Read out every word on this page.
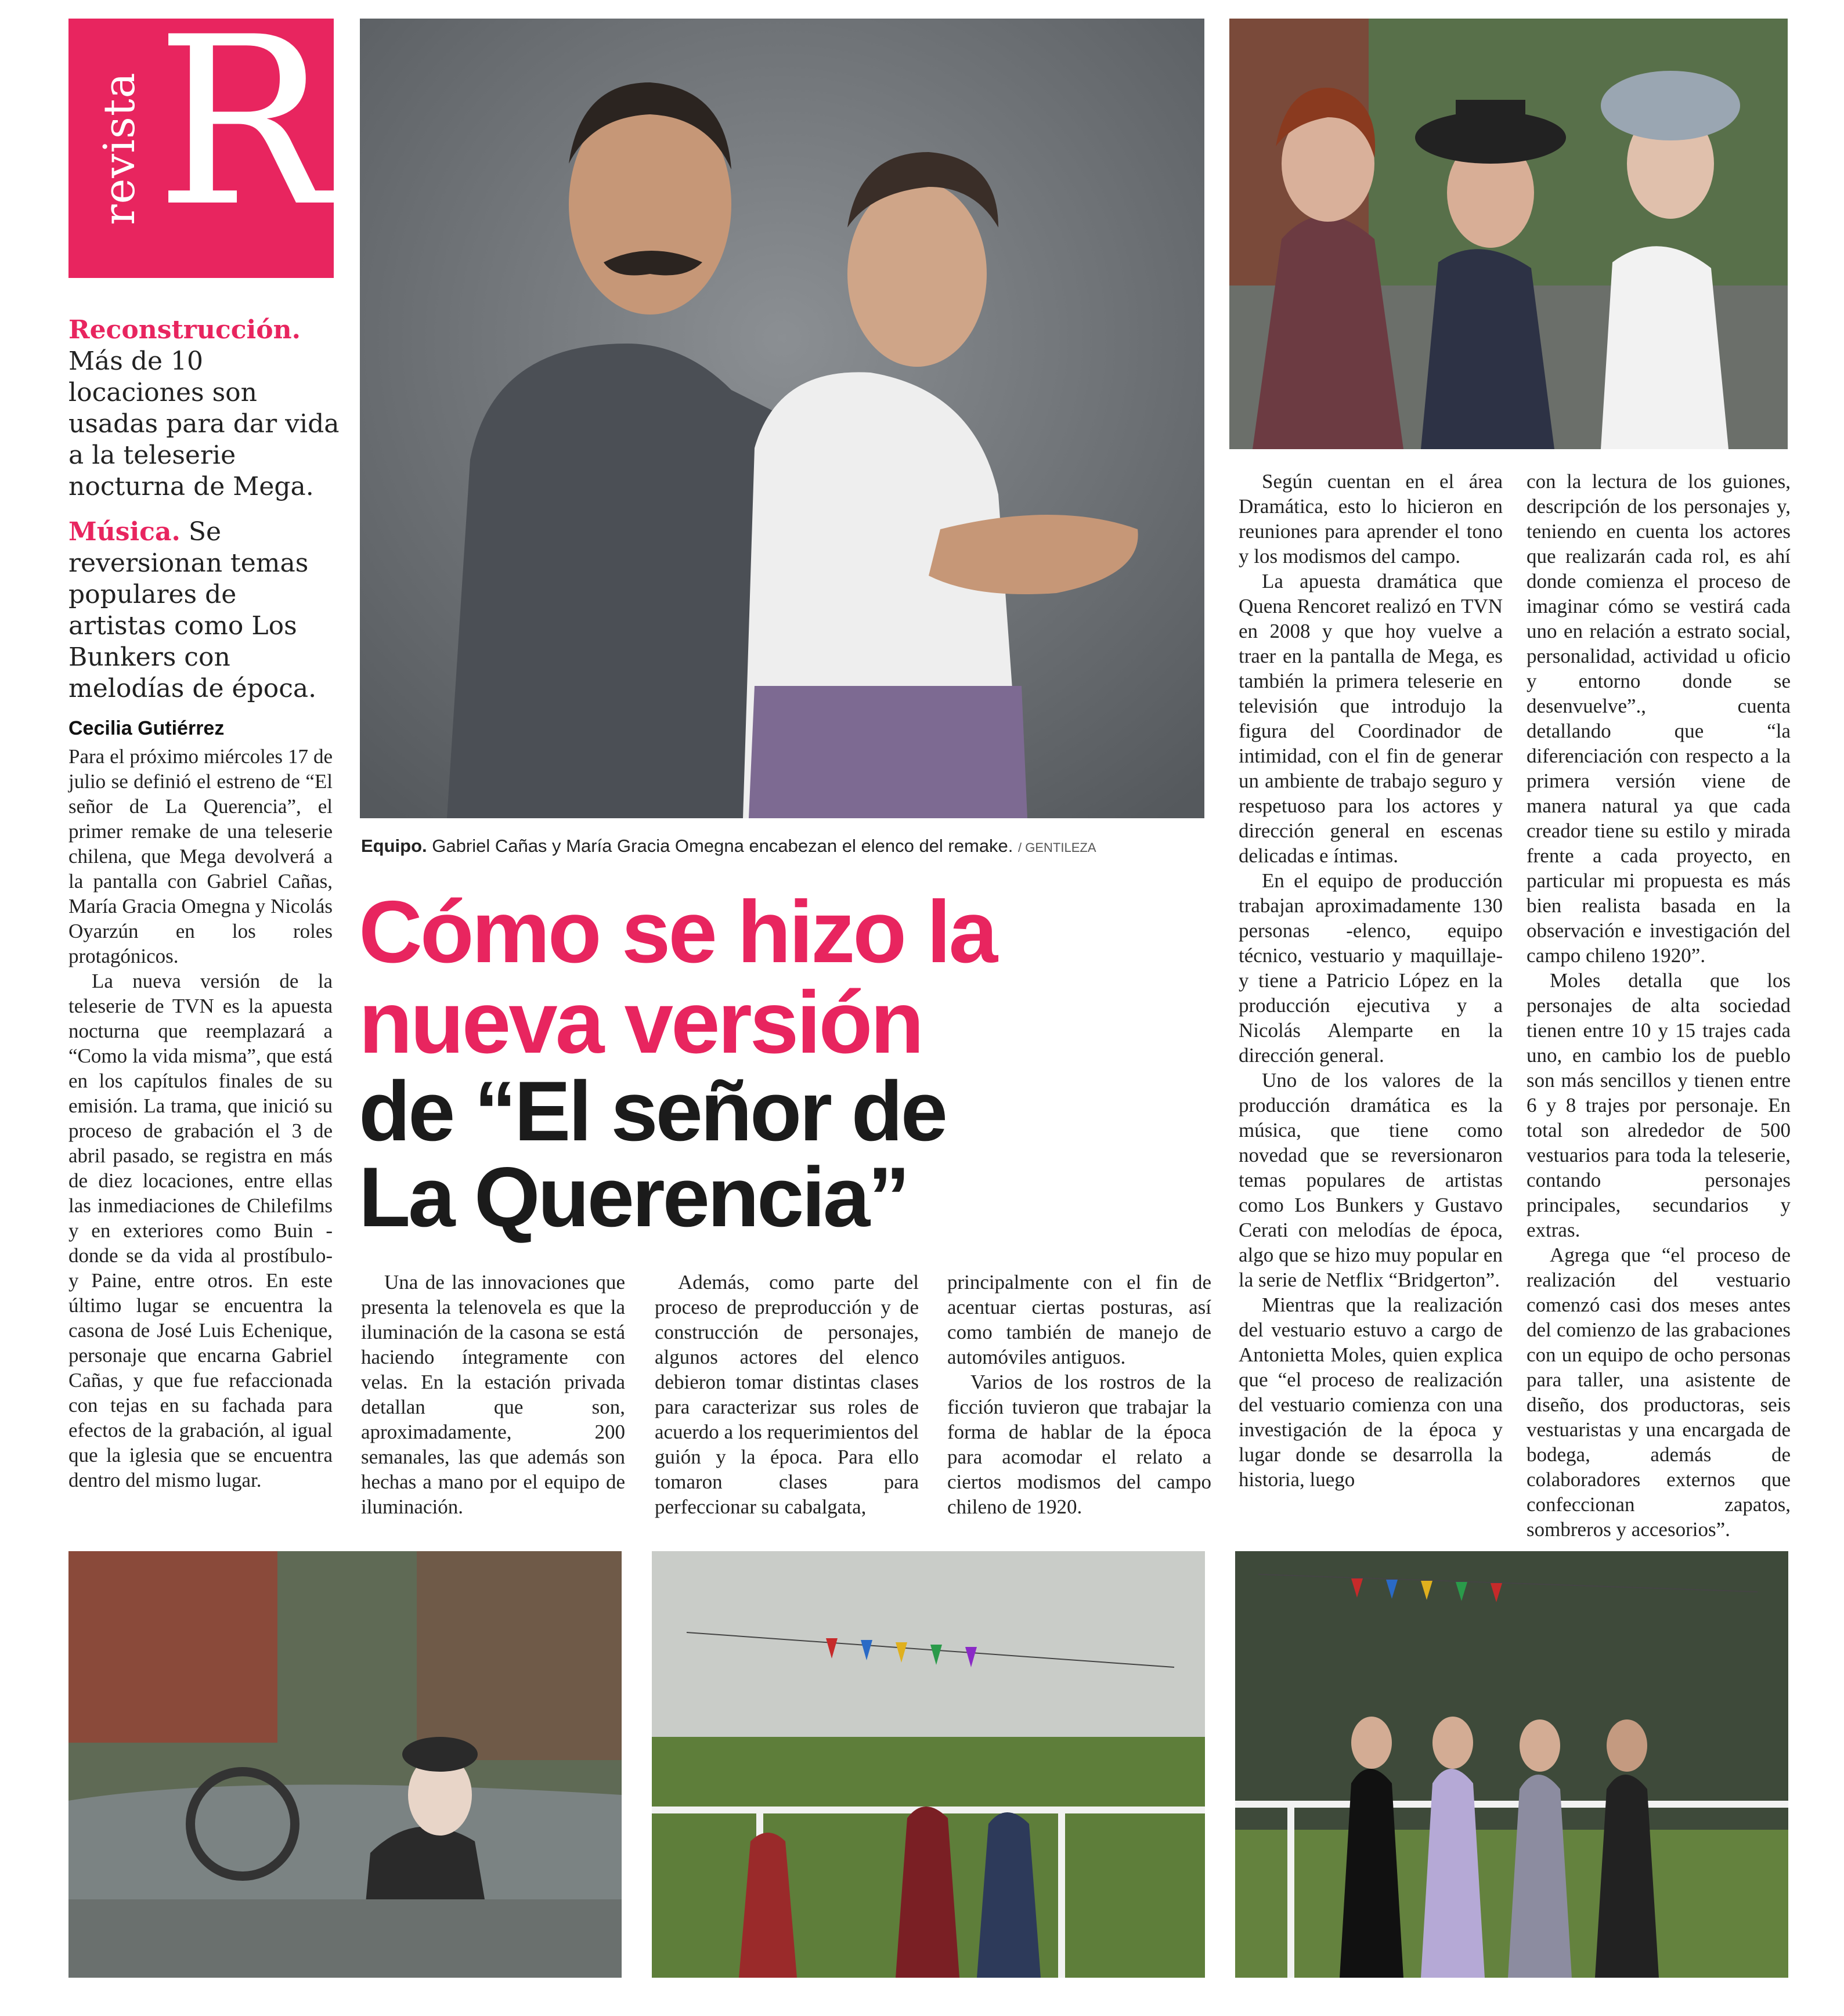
revista R
Reconstrucción. Más de 10 locaciones son usadas para dar vida a la teleserie nocturna de Mega.
Música. Se reversionan temas populares de artistas como Los Bunkers con melodías de época.
Cecilia Gutiérrez

Para el próximo miércoles 17 de julio se definió el estreno de “El señor de La Querencia”, el primer remake de una teleserie chilena, que Mega devolverá a la pantalla con Gabriel Cañas, María Gracia Omegna y Nicolás Oyarzún en los roles protagónicos.

La nueva versión de la teleserie de TVN es la apuesta nocturna que reemplazará a “Como la vida misma”, que está en los capítulos finales de su emisión. La trama, que inició su proceso de grabación el 3 de abril pasado, se registra en más de diez locaciones, entre ellas las inmediaciones de Chilefilms y en exteriores como Buin -donde se da vida al prostíbulo- y Paine, entre otros. En este último lugar se encuentra la casona de José Luis Echenique, personaje que encarna Gabriel Cañas, y que fue refaccionada con tejas en su fachada para efectos de la grabación, al igual que la iglesia que se encuentra dentro del mismo lugar.

Equipo. Gabriel Cañas y María Gracia Omegna encabezan el elenco del remake. / GENTILEZA
Cómo se hizo la
nueva versión
de “El señor de
La Querencia”

Una de las innovaciones que presenta la telenovela es que la iluminación de la casona se está haciendo íntegramente con velas. En la estación privada detallan que son, aproximadamente, 200 semanales, las que además son hechas a mano por el equipo de iluminación.

Además, como parte del proceso de preproducción y de construcción de personajes, algunos actores del elenco debieron tomar distintas clases para caracterizar sus roles de acuerdo a los requerimientos del guión y la época. Para ello tomaron clases para perfeccionar su cabalgata,

principalmente con el fin de acentuar ciertas posturas, así como también de manejo de automóviles antiguos.

Varios de los rostros de la ficción tuvieron que trabajar la forma de hablar de la época para acomodar el relato a ciertos modismos del campo chileno de 1920.

Según cuentan en el área Dramática, esto lo hicieron en reuniones para aprender el tono y los modismos del campo.

La apuesta dramática que Quena Rencoret realizó en TVN en 2008 y que hoy vuelve a traer en la pantalla de Mega, es también la primera teleserie en televisión que introdujo la figura del Coordinador de intimidad, con el fin de generar un ambiente de trabajo seguro y respetuoso para los actores y dirección general en escenas delicadas e íntimas.

En el equipo de producción trabajan aproximadamente 130 personas -elenco, equipo técnico, vestuario y maquillaje- y tiene a Patricio López en la producción ejecutiva y a Nicolás Alemparte en la dirección general.

Uno de los valores de la producción dramática es la música, que tiene como novedad que se reversionaron temas populares de artistas como Los Bunkers y Gustavo Cerati con melodías de época, algo que se hizo muy popular en la serie de Netflix “Bridgerton”.

Mientras que la realización del vestuario estuvo a cargo de Antonietta Moles, quien explica que “el proceso de realización del vestuario comienza con una investigación de la época y lugar donde se desarrolla la historia, luego

con la lectura de los guiones, descripción de los personajes y, teniendo en cuenta los actores que realizarán cada rol, es ahí donde comienza el proceso de imaginar cómo se vestirá cada uno en relación a estrato social, personalidad, actividad u oficio y entorno donde se desenvuelve”., cuenta detallando que “la diferenciación con respecto a la primera versión viene de manera natural ya que cada creador tiene su estilo y mirada frente a cada proyecto, en particular mi propuesta es más bien realista basada en la observación e investigación del campo chileno 1920”.

Moles detalla que los personajes de alta sociedad tienen entre 10 y 15 trajes cada uno, en cambio los de pueblo son más sencillos y tienen entre 6 y 8 trajes por personaje. En total son alrededor de 500 vestuarios para toda la teleserie, contando personajes principales, secundarios y extras.

Agrega que “el proceso de realización del vestuario comenzó casi dos meses antes del comienzo de las grabaciones con un equipo de ocho personas para taller, una asistente de diseño, dos productoras, seis vestuaristas y una encargada de bodega, además de colaboradores externos que confeccionan zapatos, sombreros y accesorios”.
